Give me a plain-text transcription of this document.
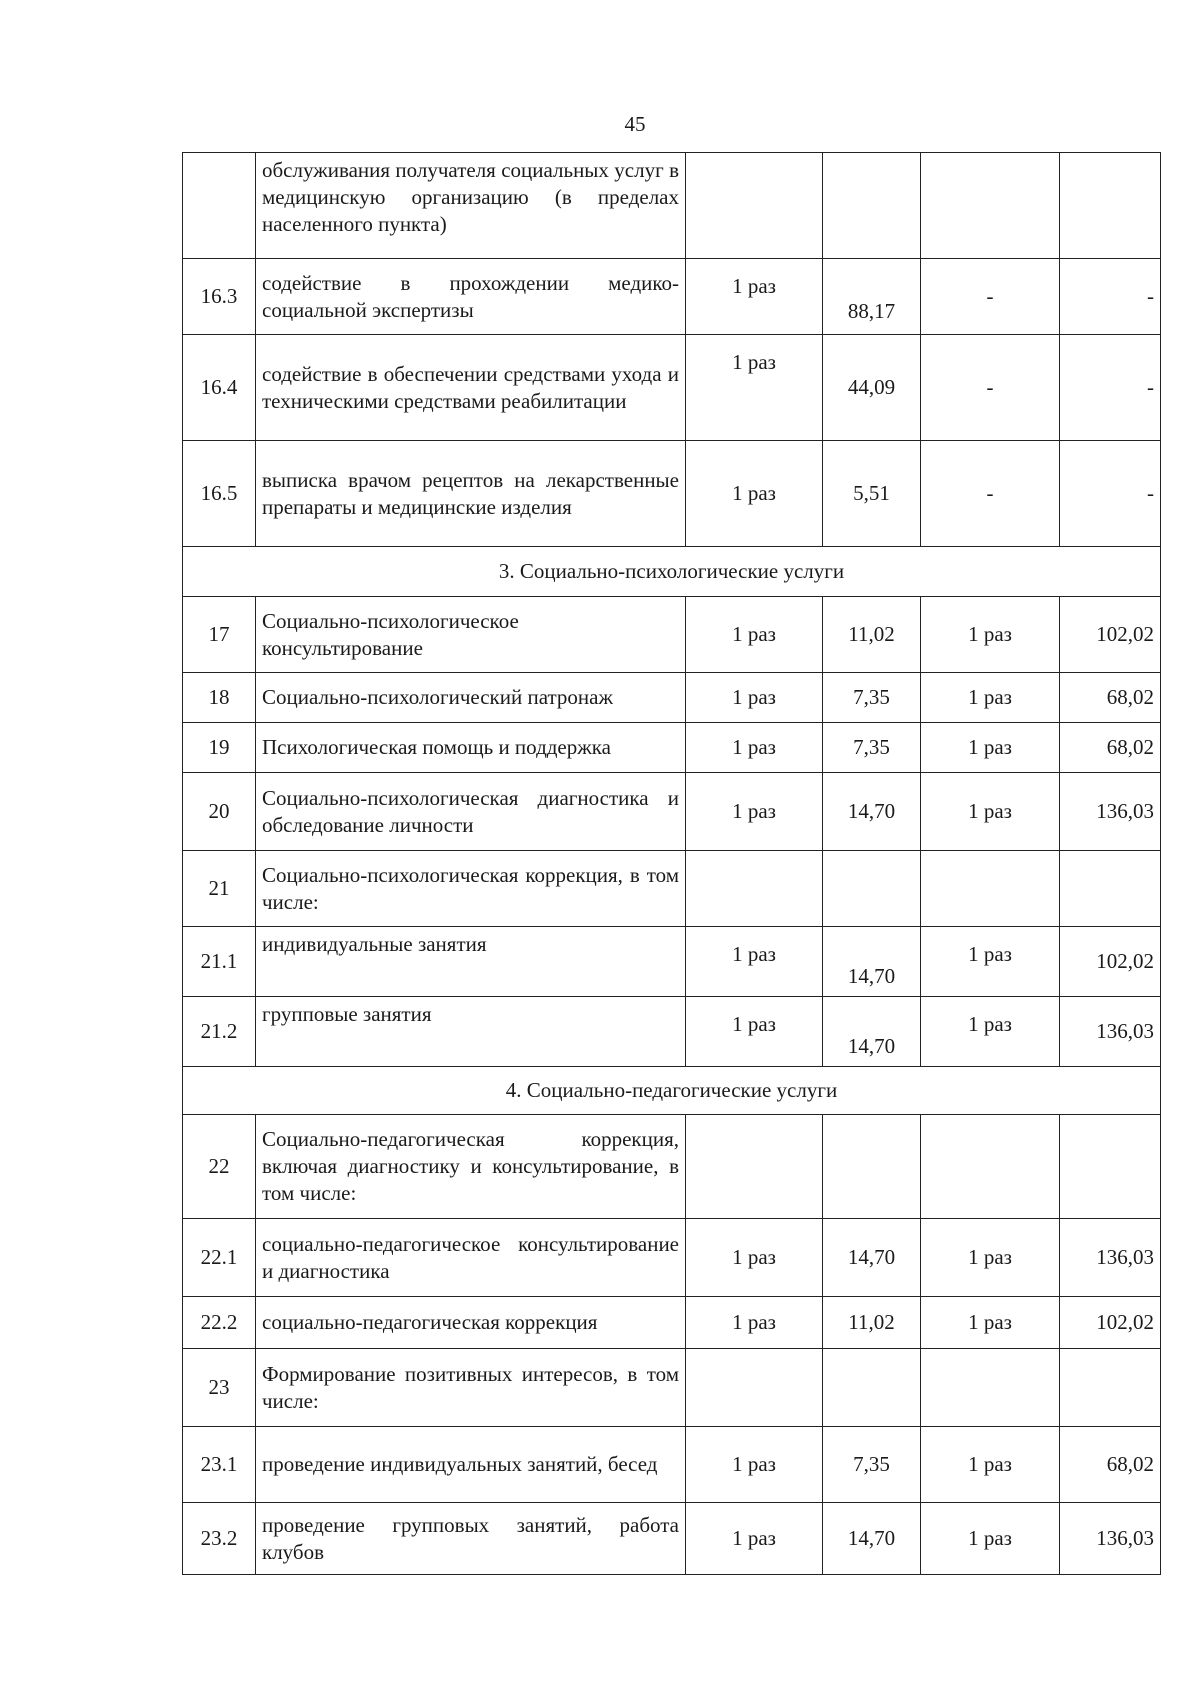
45
	обслуживания получателя социальных услуг в медицинскую организацию (в пределах населенного пункта)				
16.3	содействие в прохождении медико-социальной экспертизы	1 раз	88,17	-	-
16.4	содействие в обеспечении средствами ухода и техническими средствами реабилитации	1 раз	44,09	-	-
16.5	выписка врачом рецептов на лекарственные препараты и медицинские изделия	1 раз	5,51	-	-
3. Социально-психологические услуги					
17	Социально-психологическое консультирование	1 раз	11,02	1 раз	102,02
18	Социально-психологический патронаж	1 раз	7,35	1 раз	68,02
19	Психологическая помощь и поддержка	1 раз	7,35	1 раз	68,02
20	Социально-психологическая диагностика и обследование личности	1 раз	14,70	1 раз	136,03
21	Социально-психологическая коррекция, в том числе:				
21.1	индивидуальные занятия	1 раз	14,70	1 раз	102,02
21.2	групповые занятия	1 раз	14,70	1 раз	136,03
4. Социально-педагогические услуги					
22	Социально-педагогическая коррекция, включая диагностику и консультирование, в том числе:				
22.1	социально-педагогическое консультирование и диагностика	1 раз	14,70	1 раз	136,03
22.2	социально-педагогическая коррекция	1 раз	11,02	1 раз	102,02
23	Формирование позитивных интересов, в том числе:				
23.1	проведение индивидуальных занятий, бесед	1 раз	7,35	1 раз	68,02
23.2	проведение групповых занятий, работа клубов	1 раз	14,70	1 раз	136,03
